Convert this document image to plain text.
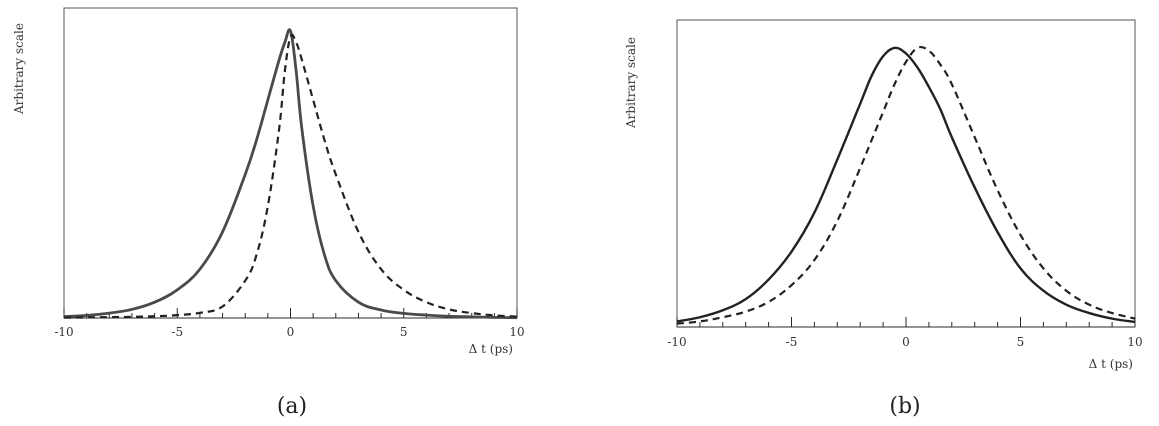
-10	-5	0	5	10
Δ t (ps)
Arbitrary scale
(a)
-10	-5	0	5	10
Δ t (ps)
Arbitrary scale
(b)
